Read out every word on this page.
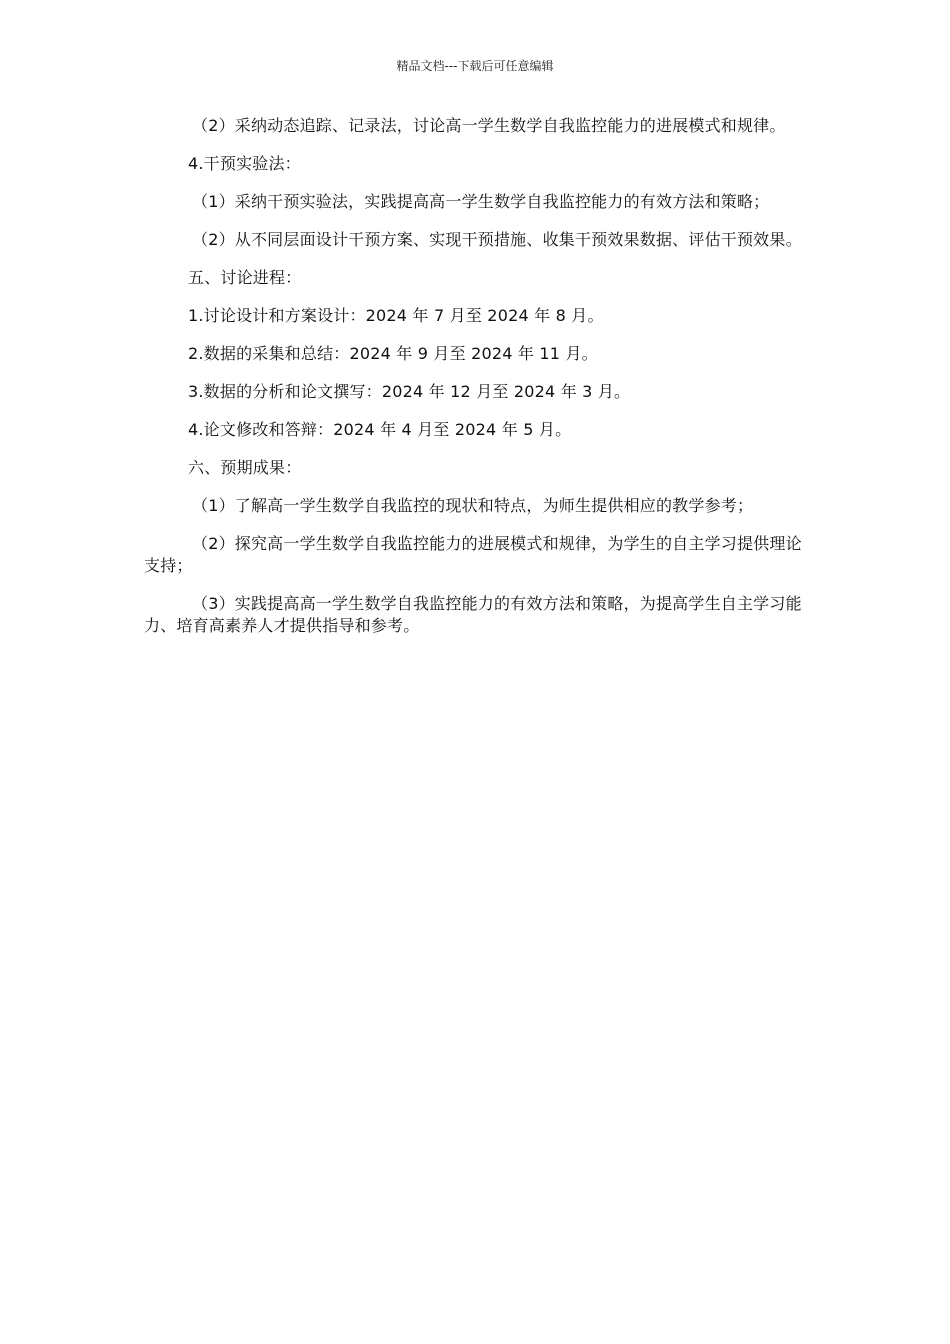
精品文档---下载后可任意编辑

（2）采纳动态追踪、记录法，讨论高一学生数学自我监控能力的进展模式和规律。

4.干预实验法：

（1）采纳干预实验法，实践提高高一学生数学自我监控能力的有效方法和策略；

（2）从不同层面设计干预方案、实现干预措施、收集干预效果数据、评估干预效果。

五、讨论进程：

1.讨论设计和方案设计：2024 年 7 月至 2024 年 8 月。

2.数据的采集和总结：2024 年 9 月至 2024 年 11 月。

3.数据的分析和论文撰写：2024 年 12 月至 2024 年 3 月。

4.论文修改和答辩：2024 年 4 月至 2024 年 5 月。

六、预期成果：

（1）了解高一学生数学自我监控的现状和特点，为师生提供相应的教学参考；

（2）探究高一学生数学自我监控能力的进展模式和规律，为学生的自主学习提供理论支持；

（3）实践提高高一学生数学自我监控能力的有效方法和策略，为提高学生自主学习能力、培育高素养人才提供指导和参考。
